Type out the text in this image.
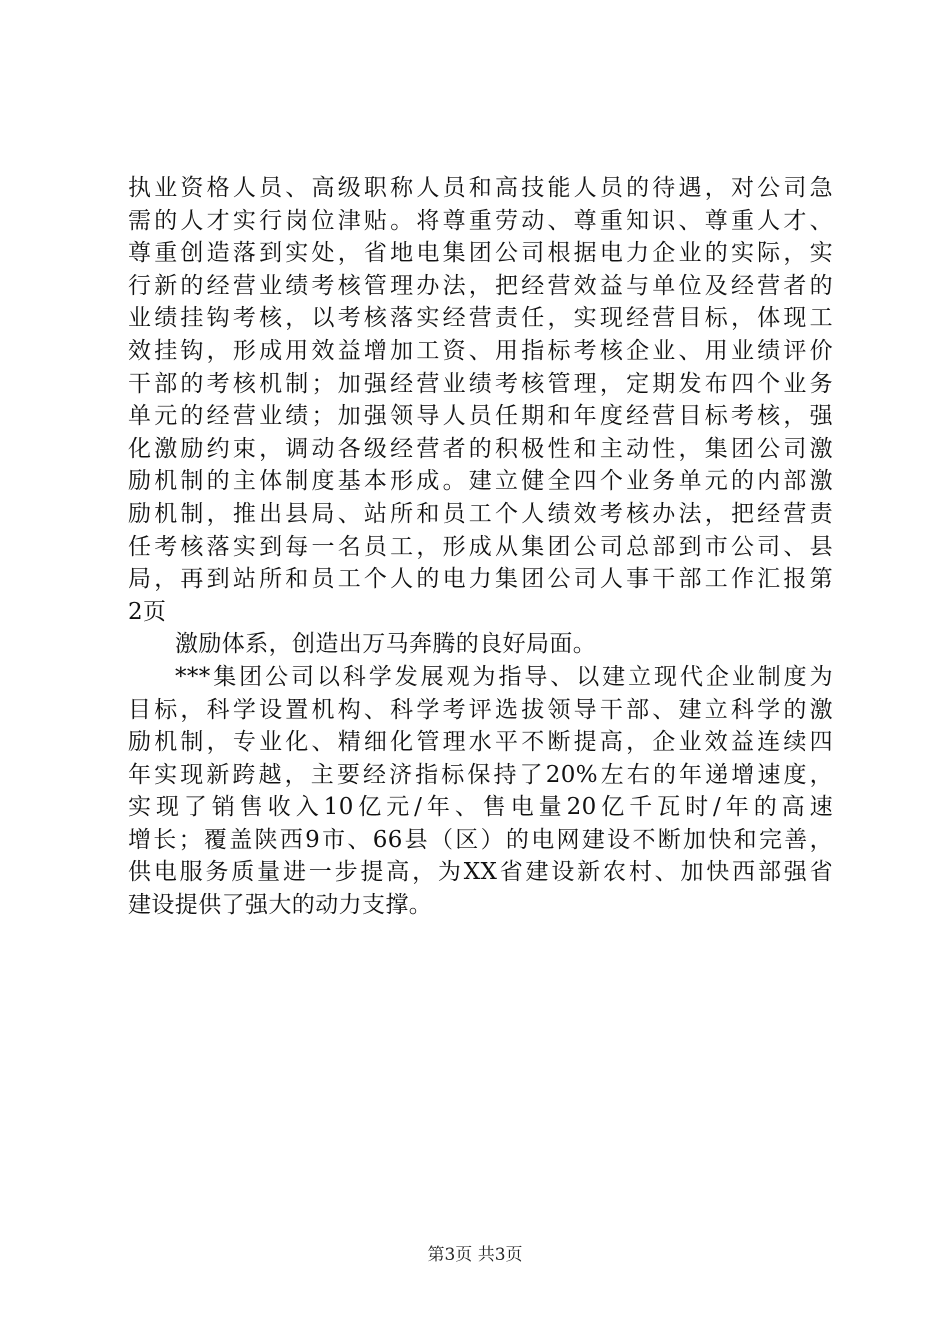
执业资格人员、高级职称人员和高技能人员的待遇，对公司急
需的人才实行岗位津贴。将尊重劳动、尊重知识、尊重人才、
尊重创造落到实处，省地电集团公司根据电力企业的实际，实
行新的经营业绩考核管理办法，把经营效益与单位及经营者的
业绩挂钩考核，以考核落实经营责任，实现经营目标，体现工
效挂钩，形成用效益增加工资、用指标考核企业、用业绩评价
干部的考核机制；加强经营业绩考核管理，定期发布四个业务
单元的经营业绩；加强领导人员任期和年度经营目标考核，强
化激励约束，调动各级经营者的积极性和主动性，集团公司激
励机制的主体制度基本形成。建立健全四个业务单元的内部激
励机制，推出县局、站所和员工个人绩效考核办法，把经营责
任考核落实到每一名员工，形成从集团公司总部到市公司、县
局，再到站所和员工个人的电力集团公司人事干部工作汇报第
2页
激励体系，创造出万马奔腾的良好局面。
***集团公司以科学发展观为指导、以建立现代企业制度为
目标，科学设置机构、科学考评选拔领导干部、建立科学的激
励机制，专业化、精细化管理水平不断提高，企业效益连续四
年实现新跨越，主要经济指标保持了20%左右的年递增速度，
实现了销售收入10亿元/年、售电量20亿千瓦时/年的高速
增长；覆盖陕西9市、66县（区）的电网建设不断加快和完善，
供电服务质量进一步提高，为XX省建设新农村、加快西部强省
建设提供了强大的动力支撑。
第3页 共3页
